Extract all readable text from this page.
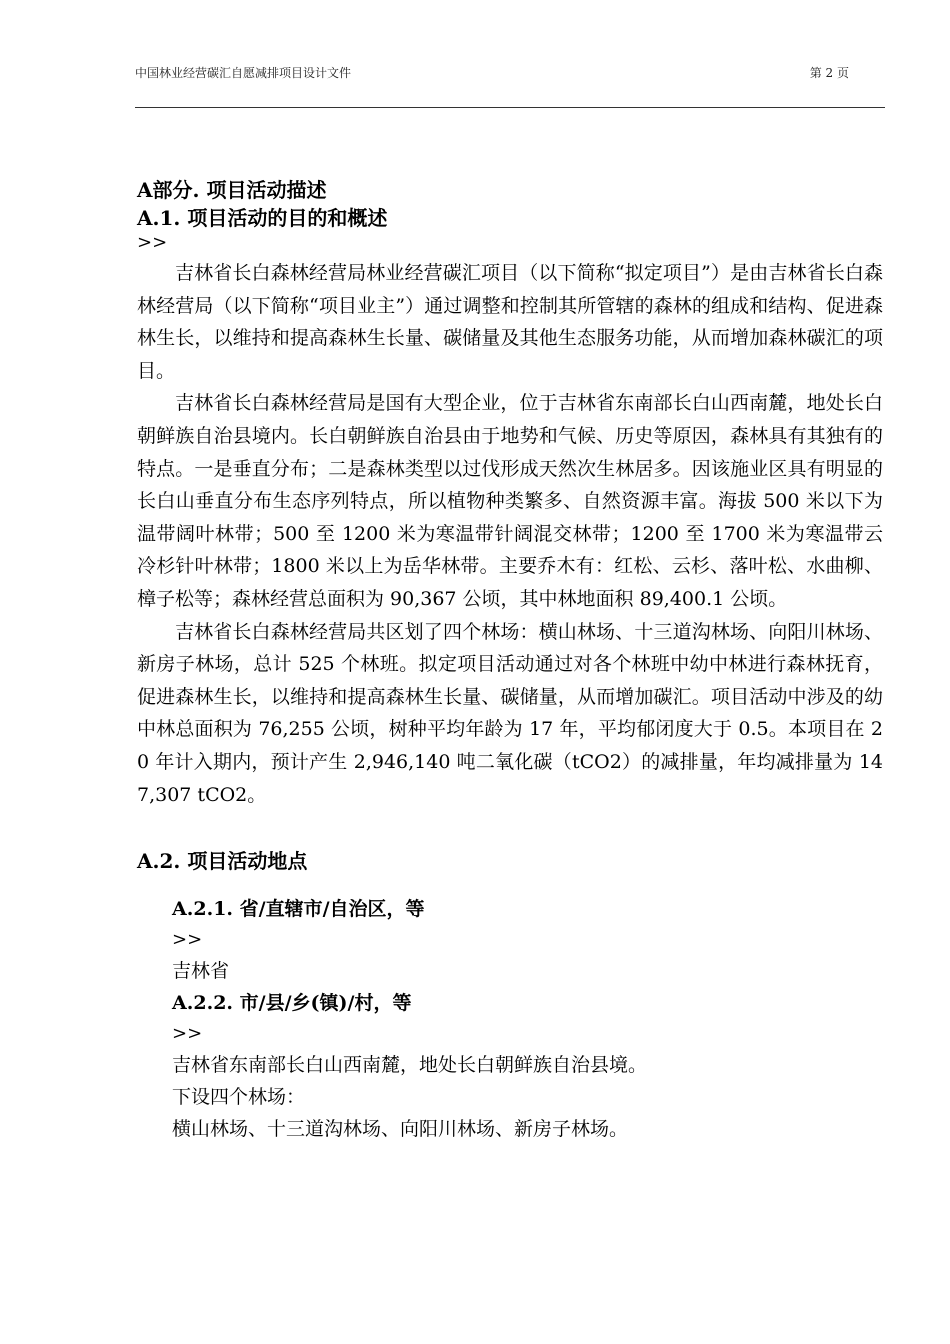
中国林业经营碳汇自愿减排项目设计文件	第 2 页

A部分. 项目活动描述

A.1. 项目活动的目的和概述

>>

吉林省长白森林经营局林业经营碳汇项目（以下简称“拟定项目”）是由吉林省长白森林经营局（以下简称“项目业主”）通过调整和控制其所管辖的森林的组成和结构、促进森林生长，以维持和提高森林生长量、碳储量及其他生态服务功能，从而增加森林碳汇的项目。

吉林省长白森林经营局是国有大型企业，位于吉林省东南部长白山西南麓，地处长白朝鲜族自治县境内。长白朝鲜族自治县由于地势和气候、历史等原因，森林具有其独有的特点。一是垂直分布；二是森林类型以过伐形成天然次生林居多。因该施业区具有明显的长白山垂直分布生态序列特点，所以植物种类繁多、自然资源丰富。海拔 500 米以下为温带阔叶林带；500 至 1200 米为寒温带针阔混交林带；1200 至 1700 米为寒温带云冷杉针叶林带；1800 米以上为岳华林带。主要乔木有：红松、云杉、落叶松、水曲柳、樟子松等；森林经营总面积为 90,367 公顷，其中林地面积 89,400.1 公顷。

吉林省长白森林经营局共区划了四个林场：横山林场、十三道沟林场、向阳川林场、新房子林场，总计 525 个林班。拟定项目活动通过对各个林班中幼中林进行森林抚育，促进森林生长，以维持和提高森林生长量、碳储量，从而增加碳汇。项目活动中涉及的幼中林总面积为 76,255 公顷，树种平均年龄为 17 年，平均郁闭度大于 0.5。本项目在 20 年计入期内，预计产生 2,946,140 吨二氧化碳（tCO2）的减排量，年均减排量为 147,307 tCO2。

A.2. 项目活动地点

A.2.1. 省/直辖市/自治区，等

>>

吉林省

A.2.2. 市/县/乡(镇)/村，等

>>

吉林省东南部长白山西南麓，地处长白朝鲜族自治县境。

下设四个林场：

横山林场、十三道沟林场、向阳川林场、新房子林场。
